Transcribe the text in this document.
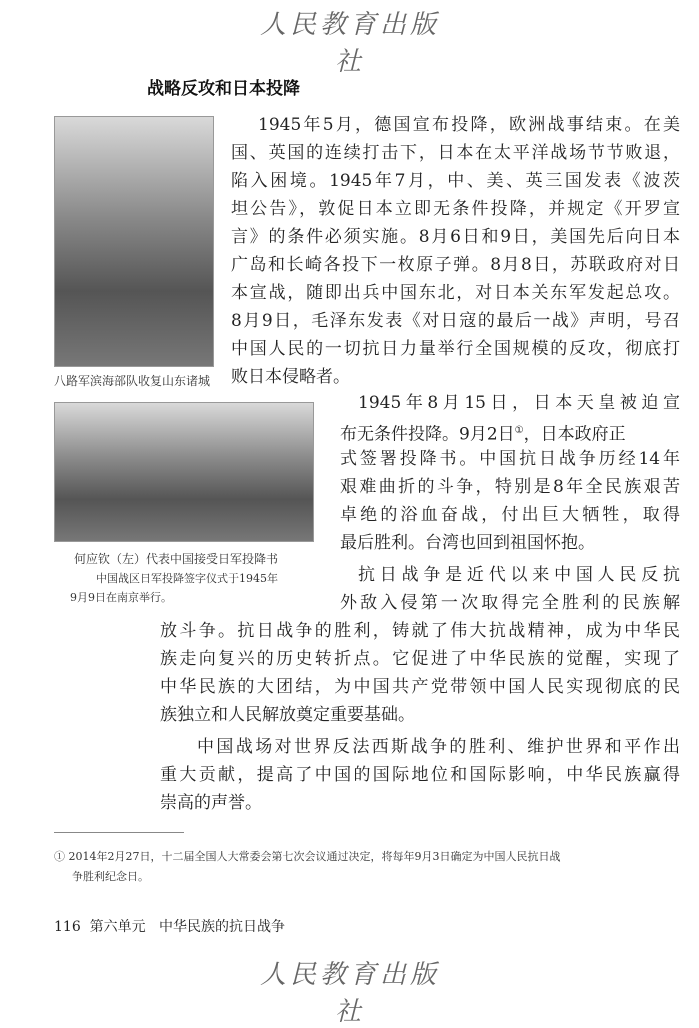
人民教育出版社
战略反攻和日本投降
八路军滨海部队收复山东诸城
何应钦（左）代表中国接受日军投降书
中国战区日军投降签字仪式于1945年
9月9日在南京举行。
1945年5月，德国宣布投降，欧洲战事结束。在美
国、英国的连续打击下，日本在太平洋战场节节败退，
陷入困境。1945年7月，中、美、英三国发表《波茨
坦公告》，敦促日本立即无条件投降，并规定《开罗宣
言》的条件必须实施。8月6日和9日，美国先后向日本
广岛和长崎各投下一枚原子弹。8月8日，苏联政府对日
本宣战，随即出兵中国东北，对日本关东军发起总攻。
8月9日，毛泽东发表《对日寇的最后一战》声明，号召
中国人民的一切抗日力量举行全国规模的反攻，彻底打
败日本侵略者。
1945年8月15日，日本天皇被迫宣
布无条件投降。9月2日①，日本政府正
式签署投降书。中国抗日战争历经14年
艰难曲折的斗争，特别是8年全民族艰苦
卓绝的浴血奋战，付出巨大牺牲，取得
最后胜利。台湾也回到祖国怀抱。
抗日战争是近代以来中国人民反抗
外敌入侵第一次取得完全胜利的民族解
放斗争。抗日战争的胜利，铸就了伟大抗战精神，成为中华民
族走向复兴的历史转折点。它促进了中华民族的觉醒，实现了
中华民族的大团结，为中国共产党带领中国人民实现彻底的民
族独立和人民解放奠定重要基础。
中国战场对世界反法西斯战争的胜利、维护世界和平作出
重大贡献，提高了中国的国际地位和国际影响，中华民族赢得
崇高的声誉。
① 2014年2月27日，十二届全国人大常委会第七次会议通过决定，将每年9月3日确定为中国人民抗日战
争胜利纪念日。
116 第六单元 中华民族的抗日战争
人民教育出版社
